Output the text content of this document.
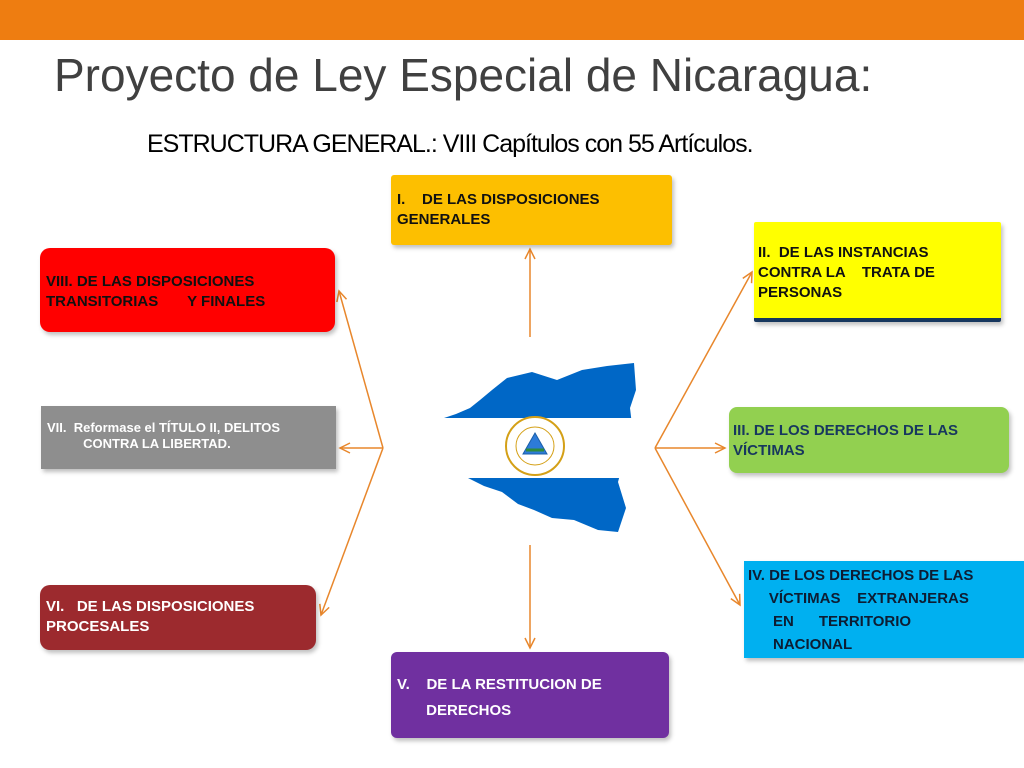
Proyecto de Ley Especial de Nicaragua:
ESTRUCTURA GENERAL.: VIII Capítulos con 55 Artículos.
I.    DE LAS DISPOSICIONES
GENERALES
II.  DE LAS INSTANCIAS
CONTRA LA    TRATA DE
PERSONAS
III. DE LOS DERECHOS DE LAS
VÍCTIMAS
IV. DE LOS DERECHOS DE LAS
VÍCTIMAS    EXTRANJERAS
EN      TERRITORIO
NACIONAL
V.    DE LA RESTITUCION DE
DERECHOS
VI.   DE LAS DISPOSICIONES
PROCESALES
VII.  Reformase el TÍTULO II, DELITOS
CONTRA LA LIBERTAD.
VIII. DE LAS DISPOSICIONES
TRANSITORIAS       Y FINALES
